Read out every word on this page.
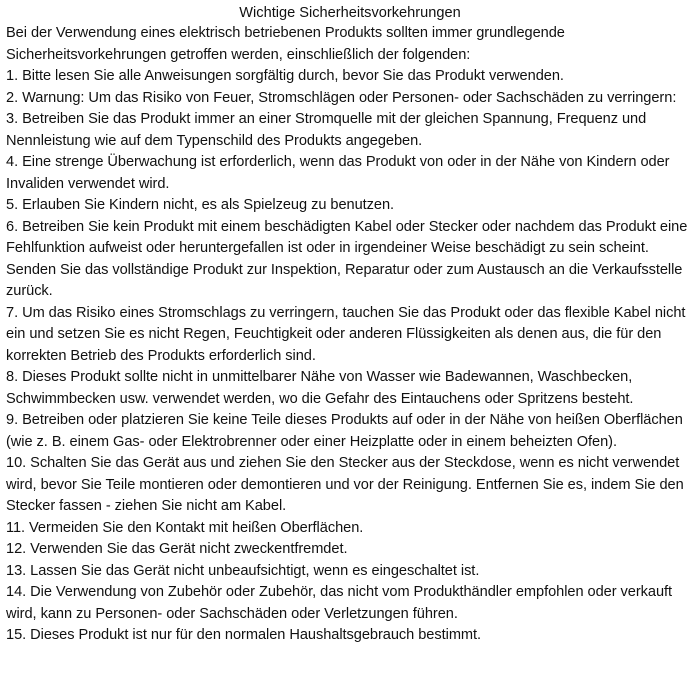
Wichtige Sicherheitsvorkehrungen

Bei der Verwendung eines elektrisch betriebenen Produkts sollten immer grundlegende Sicherheitsvorkehrungen getroffen werden, einschließlich der folgenden:

1. Bitte lesen Sie alle Anweisungen sorgfältig durch, bevor Sie das Produkt verwenden.

2. Warnung: Um das Risiko von Feuer, Stromschlägen oder Personen- oder Sachschäden zu verringern:

3. Betreiben Sie das Produkt immer an einer Stromquelle mit der gleichen Spannung, Frequenz und Nennleistung wie auf dem Typenschild des Produkts angegeben.

4. Eine strenge Überwachung ist erforderlich, wenn das Produkt von oder in der Nähe von Kindern oder Invaliden verwendet wird.

5. Erlauben Sie Kindern nicht, es als Spielzeug zu benutzen.

6. Betreiben Sie kein Produkt mit einem beschädigten Kabel oder Stecker oder nachdem das Produkt eine Fehlfunktion aufweist oder heruntergefallen ist oder in irgendeiner Weise beschädigt zu sein scheint. Senden Sie das vollständige Produkt zur Inspektion, Reparatur oder zum Austausch an die Verkaufsstelle zurück.

7. Um das Risiko eines Stromschlags zu verringern, tauchen Sie das Produkt oder das flexible Kabel nicht ein und setzen Sie es nicht Regen, Feuchtigkeit oder anderen Flüssigkeiten als denen aus, die für den korrekten Betrieb des Produkts erforderlich sind.

8. Dieses Produkt sollte nicht in unmittelbarer Nähe von Wasser wie Badewannen, Waschbecken, Schwimmbecken usw. verwendet werden, wo die Gefahr des Eintauchens oder Spritzens besteht.

9. Betreiben oder platzieren Sie keine Teile dieses Produkts auf oder in der Nähe von heißen Oberflächen (wie z. B. einem Gas- oder Elektrobrenner oder einer Heizplatte oder in einem beheizten Ofen).

10. Schalten Sie das Gerät aus und ziehen Sie den Stecker aus der Steckdose, wenn es nicht verwendet wird, bevor Sie Teile montieren oder demontieren und vor der Reinigung. Entfernen Sie es, indem Sie den Stecker fassen - ziehen Sie nicht am Kabel.

11. Vermeiden Sie den Kontakt mit heißen Oberflächen.

12. Verwenden Sie das Gerät nicht zweckentfremdet.

13. Lassen Sie das Gerät nicht unbeaufsichtigt, wenn es eingeschaltet ist.

14. Die Verwendung von Zubehör oder Zubehör, das nicht vom Produkthändler empfohlen oder verkauft wird, kann zu Personen- oder Sachschäden oder Verletzungen führen.

15. Dieses Produkt ist nur für den normalen Haushaltsgebrauch bestimmt.
